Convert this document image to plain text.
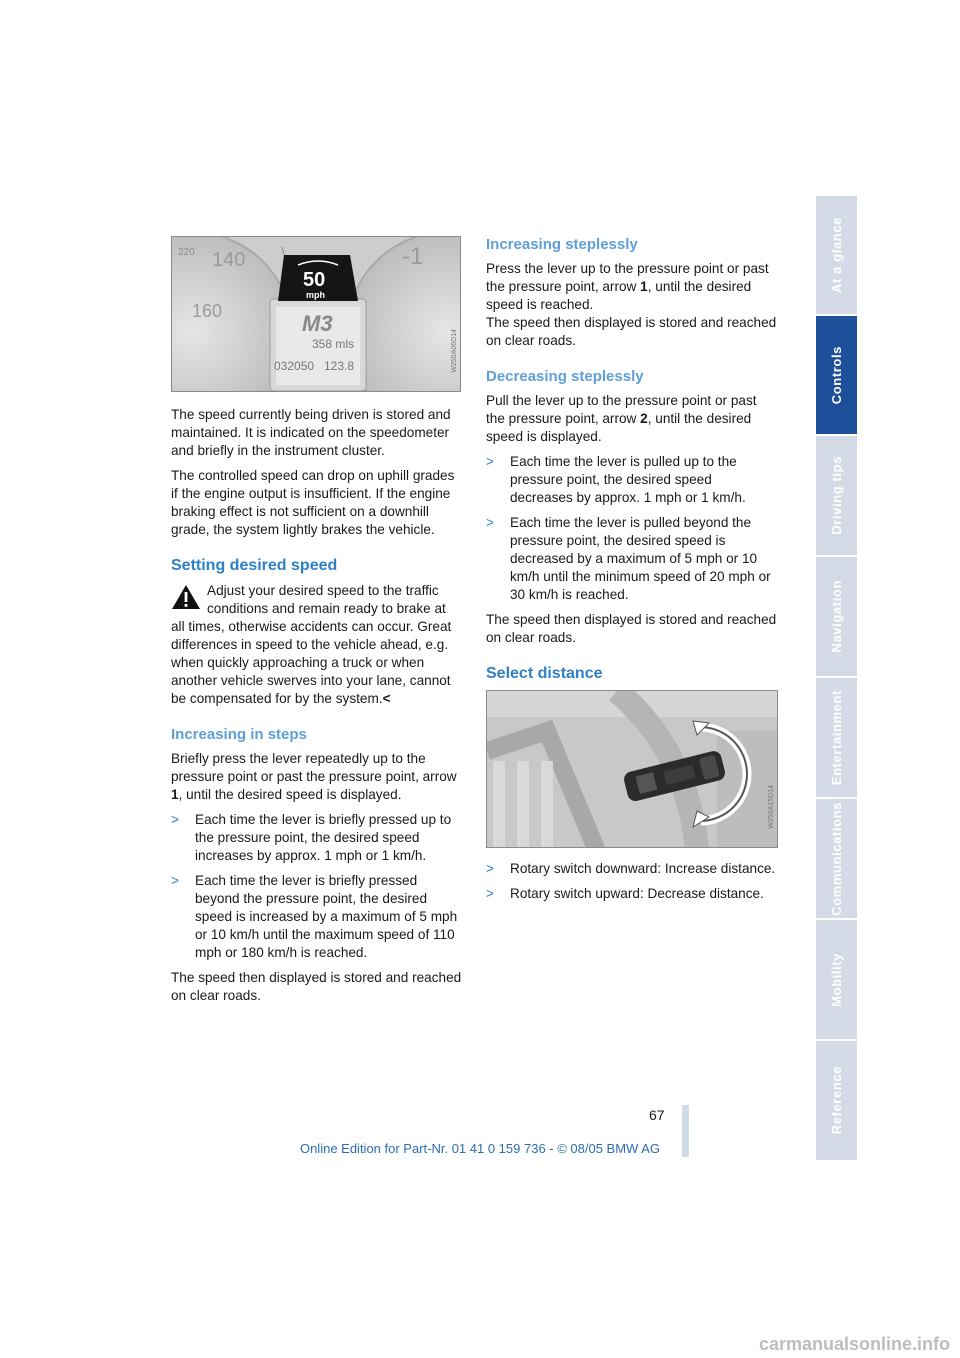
50
mph
M3
358 mls
032050 123.8
220 140
160
-1
W250A06D14

The speed currently being driven is stored and maintained. It is indicated on the speedometer and briefly in the instrument cluster.

The controlled speed can drop on uphill grades if the engine output is insufficient. If the engine braking effect is not sufficient on a downhill grade, the system lightly brakes the vehicle.

Setting desired speed
Adjust your desired speed to the traffic conditions and remain ready to brake at
all times, otherwise accidents can occur. Great differences in speed to the vehicle ahead, e.g. when quickly approaching a truck or when another vehicle swerves into your lane, cannot be compensated for by the system.<
Increasing in steps

Briefly press the lever repeatedly up to the pressure point or past the pressure point, arrow 1, until the desired speed is displayed.

> Each time the lever is briefly pressed up to the pressure point, the desired speed increases by approx. 1 mph or 1 km/h.
> Each time the lever is briefly pressed beyond the pressure point, the desired speed is increased by a maximum of 5 mph or 10 km/h until the maximum speed of 110 mph or 180 km/h is reached.

The speed then displayed is stored and reached on clear roads.

Increasing steplessly

Press the lever up to the pressure point or past the pressure point, arrow 1, until the desired speed is reached.
The speed then displayed is stored and reached on clear roads.

Decreasing steplessly

Pull the lever up to the pressure point or past the pressure point, arrow 2, until the desired speed is displayed.

> Each time the lever is pulled up to the pressure point, the desired speed decreases by approx. 1 mph or 1 km/h.
> Each time the lever is pulled beyond the pressure point, the desired speed is decreased by a maximum of 5 mph or 10 km/h until the minimum speed of 20 mph or 30 km/h is reached.

The speed then displayed is stored and reached on clear roads.

Select distance
W250A15D14
> Rotary switch downward: Increase distance.
> Rotary switch upward: Decrease distance.
At a glance
Controls
Driving tips
Navigation
Entertainment
Communications
Mobility
Reference
67
Online Edition for Part-Nr. 01 41 0 159 736 - © 08/05 BMW AG
carmanualsonline.info
